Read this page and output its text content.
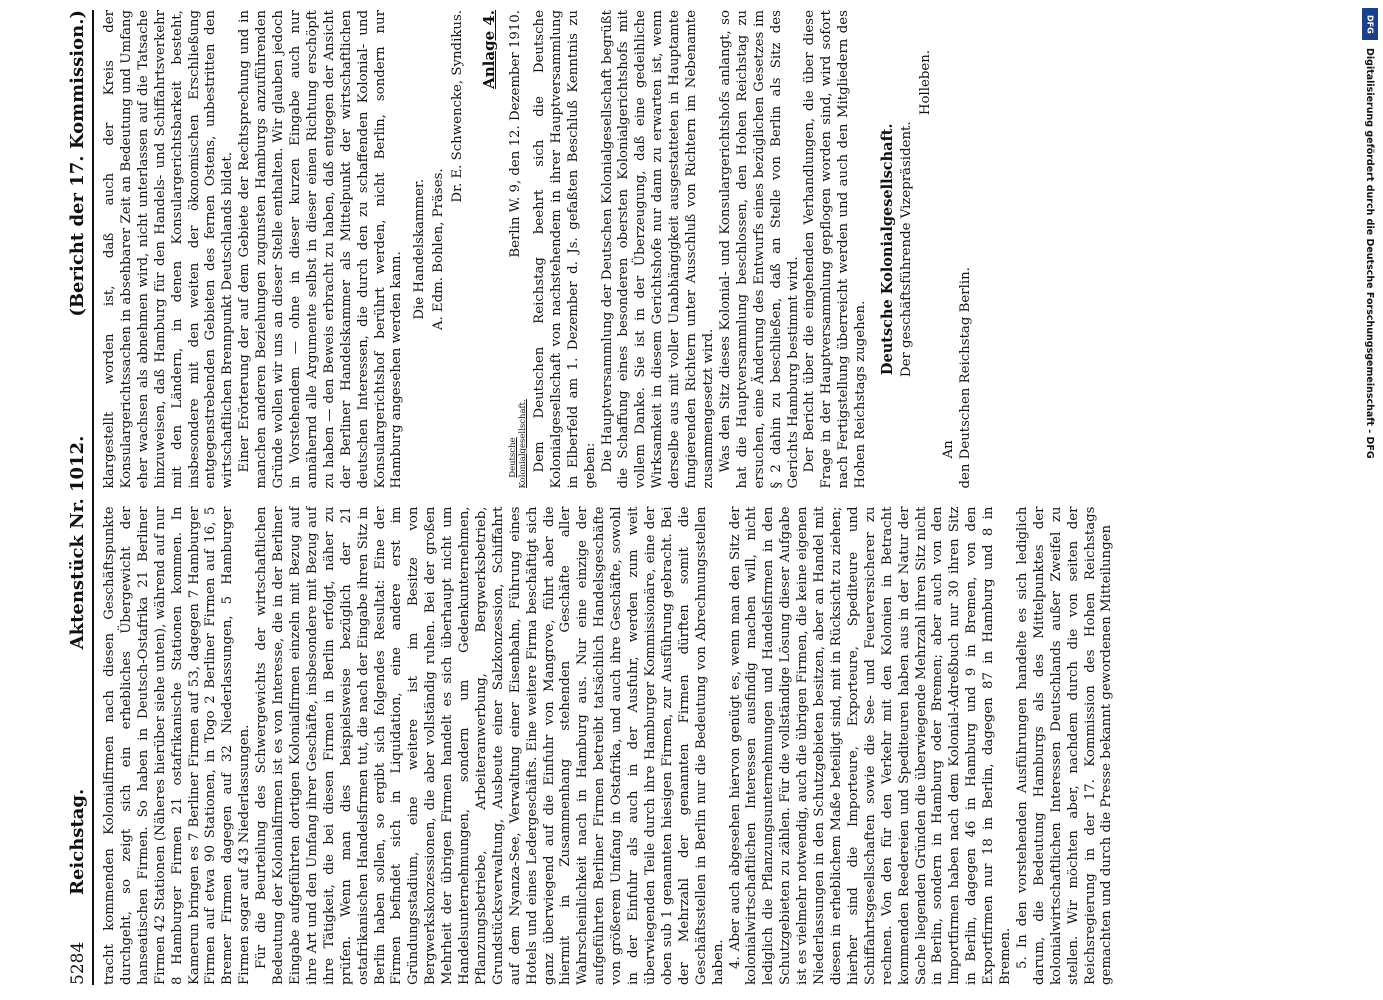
5284
Reichstag.
Aktenstück Nr. 1012.
(Bericht der 17. Kommission.)

tracht kommenden Kolonialfirmen nach diesen Geschäftspunkte durchgeht, so zeigt sich ein erhebliches Übergewicht der hanseatischen Firmen. So haben in Deutsch-Ostafrika 21 Berliner Firmen 42 Stationen (Näheres hierüber siehe unten), während auf nur 8 Hamburger Firmen 21 ostafrikanische Stationen kommen. In Kamerun bringen es 7 Berliner Firmen auf 53, dagegen 7 Hamburger Firmen auf etwa 90 Stationen, in Togo 2 Berliner Firmen auf 16, 5 Bremer Firmen dagegen auf 32 Niederlassungen, 5 Hamburger Firmen sogar auf 43 Niederlassungen. Für die Beurteilung des Schwergewichts der wirtschaftlichen Bedeutung der Kolonialfirmen ist es von Interesse, die in der Berliner Eingabe aufgeführten dortigen Kolonialfirmen einzeln mit Bezug auf ihre Art und den Umfang ihrer Geschäfte, insbesondere mit Bezug auf ihre Tätigkeit, die bei diesen Firmen in Berlin erfolgt, näher zu prüfen. Wenn man dies beispielsweise bezüglich der 21 ostafrikanischen Handelsfirmen tut, die nach der Eingabe ihren Sitz in Berlin haben sollen, so ergibt sich folgendes Resultat: Eine der Firmen befindet sich in Liquidation, eine andere erst im Gründungsstadium, eine weitere ist im Besitze von Bergwerkskonzessionen, die aber vollständig ruhen. Bei der großen Mehrheit der übrigen Firmen handelt es sich überhaupt nicht um Handelsunternehmungen, sondern um Gedenkunternehmen, Pflanzungsbetriebe, Arbeiteranwerbung, Bergwerksbetrieb, Grundstücksverwaltung, Ausbeute einer Salzkonzession, Schiffahrt auf dem Nyanza-See, Verwaltung einer Eisenbahn, Führung eines Hotels und eines Ledergeschäfts. Eine weitere Firma beschäftigt sich ganz überwiegend auf die Einfuhr von Mangrove, führt aber die hiermit in Zusammenhang stehenden Geschäfte aller Wahrscheinlichkeit nach in Hamburg aus. Nur eine einzige der aufgeführten Berliner Firmen betreibt tatsächlich Handelsgeschäfte von größerem Umfang in Ostafrika, und auch ihre Geschäfte, sowohl in der Einfuhr als auch in der Ausfuhr, werden zum weit überwiegenden Teile durch ihre Hamburger Kommissionäre, eine der oben sub 1 genannten hiesigen Firmen, zur Ausführung gebracht. Bei der Mehrzahl der genannten Firmen dürften somit die Geschäftsstellen in Berlin nur die Bedeutung von Abrechnungsstellen haben. 4. Aber auch abgesehen hiervon genügt es, wenn man den Sitz der kolonialwirtschaftlichen Interessen ausfindig machen will, nicht lediglich die Pflanzungsunternehmungen und Handelsfirmen in den Schutzgebieten zu zählen. Für die vollständige Lösung dieser Aufgabe ist es vielmehr notwendig, auch die übrigen Firmen, die keine eigenen Niederlassungen in den Schutzgebieten besitzen, aber an Handel mit diesen in erheblichem Maße beteiligt sind, mit in Rücksicht zu ziehen; hierher sind die Importeure, Exporteure, Spediteure und Schiffahrtsgesellschaften sowie die See- und Feuerversicherer zu rechnen. Von den für den Verkehr mit den Kolonien in Betracht kommenden Reedereien und Spediteuren haben aus in der Natur der Sache liegenden Gründen die überwiegende Mehrzahl ihren Sitz nicht in Berlin, sondern in Hamburg oder Bremen; aber auch von den Importfirmen haben nach dem Kolonial-Adreßbuch nur 30 ihren Sitz in Berlin, dagegen 46 in Hamburg und 9 in Bremen, von den Exportfirmen nur 18 in Berlin, dagegen 87 in Hamburg und 8 in Bremen. 5. In den vorstehenden Ausführungen handelte es sich lediglich darum, die Bedeutung Hamburgs als des Mittelpunktes der kolonialwirtschaftlichen Interessen Deutschlands außer Zweifel zu stellen. Wir möchten aber, nachdem durch die von seiten der Reichsregierung in der 17. Kommission des Hohen Reichstags gemachten und durch die Presse bekannt gewordenen Mitteilungen

klargestellt worden ist, daß auch der Kreis der Konsulargerichtssachen in absehbarer Zeit an Bedeutung und Umfang eher wachsen als abnehmen wird, nicht unterlassen auf die Tatsache hinzuweisen, daß Hamburg für den Handels- und Schiffahrtsverkehr mit den Ländern, in denen Konsulargerichtsbarkeit besteht, insbesondere mit den weiten der ökonomischen Erschließung entgegenstrebenden Gebieten des fernen Ostens, unbestritten den wirtschaftlichen Brennpunkt Deutschlands bildet. Einer Erörterung der auf dem Gebiete der Rechtsprechung und in manchen anderen Beziehungen zugunsten Hamburgs anzuführenden Gründe wollen wir uns an dieser Stelle enthalten. Wir glauben jedoch in Vorstehendem — ohne in dieser kurzen Eingabe auch nur annähernd alle Argumente selbst in dieser einen Richtung erschöpft zu haben — den Beweis erbracht zu haben, daß entgegen der Ansicht der Berliner Handelskammer als Mittelpunkt der wirtschaftlichen deutschen Interessen, die durch den zu schaffenden Kolonial- und Konsulargerichtshof berührt werden, nicht Berlin, sondern nur Hamburg angesehen werden kann.

Die Handelskammer. A. Edm. Bohlen, Präses.

Dr. E. Schwencke, Syndikus. Anlage 4.

Deutsche Kolonialgesellschaft.

Berlin W. 9, den 12. Dezember 1910. Dem Deutschen Reichstag beehrt sich die Deutsche Kolonialgesellschaft von nachstehendem in ihrer Hauptversammlung in Elberfeld am 1. Dezember d. Js. gefaßten Beschluß Kenntnis zu geben: Die Hauptversammlung der Deutschen Kolonialgesellschaft begrüßt die Schaffung eines besonderen obersten Kolonialgerichtshofs mit vollem Danke. Sie ist in der Überzeugung, daß eine gedeihliche Wirksamkeit in diesem Gerichtshofe nur dann zu erwarten ist, wenn derselbe aus mit voller Unabhängigkeit ausgestatteten in Hauptamte fungierenden Richtern unter Ausschluß von Richtern im Nebenamte zusammengesetzt wird. Was den Sitz dieses Kolonial- und Konsulargerichtshofs anlangt, so hat die Hauptversammlung beschlossen, den Hohen Reichstag zu ersuchen, eine Änderung des Entwurfs eines bezüglichen Gesetzes im § 2 dahin zu beschließen, daß an Stelle von Berlin als Sitz des Gerichts Hamburg bestimmt wird. Der Bericht über die eingehenden Verhandlungen, die über diese Frage in der Hauptversammlung gepflogen worden sind, wird sofort nach Fertigstellung überreicht werden und auch den Mitgliedern des Hohen Reichstags zugehen.

Deutsche Kolonialgesellschaft. Der geschäftsführende Vizepräsident.

Holleben.

An den Deutschen Reichstag Berlin.

DFG
Digitalisierung gefördert durch die Deutsche Forschungsgemeinschaft - DFG
